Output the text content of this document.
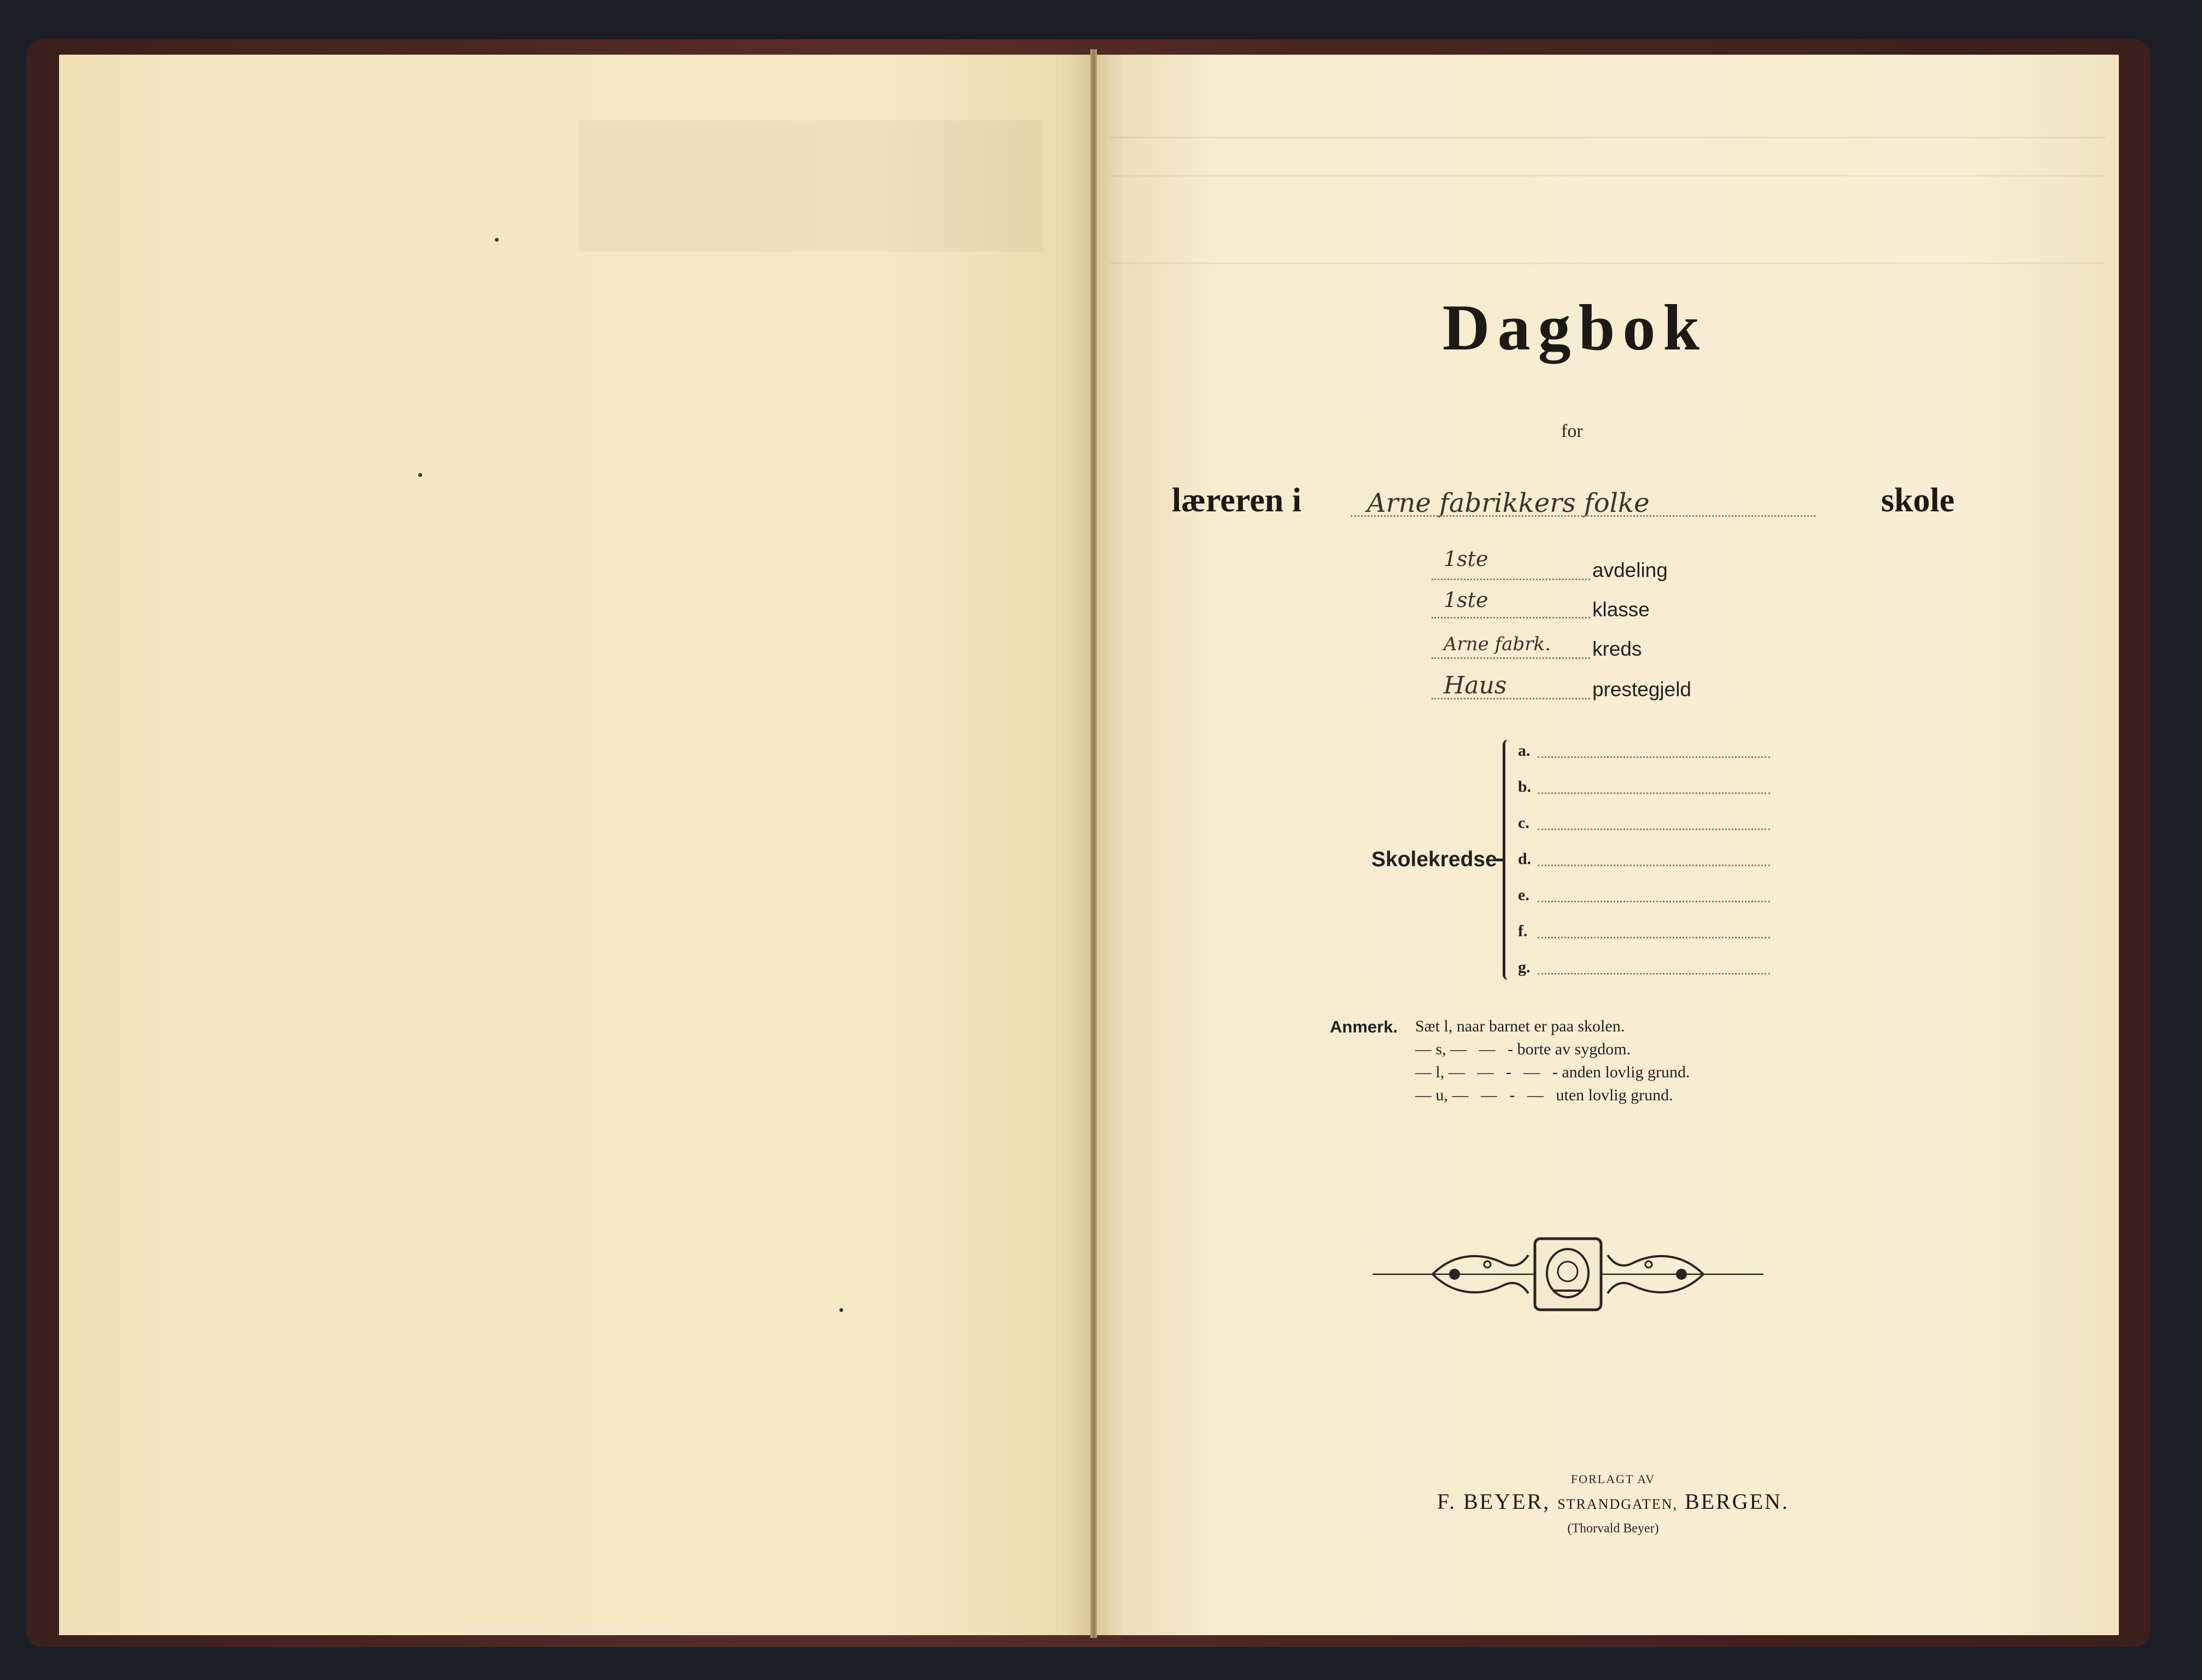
Dagbok
for
læreren i Arne fabrikkers folke	skole
1ste	avdeling
1ste	klasse
Arne fabrk. kreds
Haus	prestegjeld
Skolekredse
a.
b.
c.
d.
e.
f.
g.
Anmerk. Sæt l, naar barnet er paa skolen.
— s, —   —   - borte av sygdom.
— l, —   —   -   —   - anden lovlig grund.
— u, —   —   -   —   uten lovlig grund.
FORLAGT AV
F. BEYER, STRANDGATEN, BERGEN.
(Thorvald Beyer)
